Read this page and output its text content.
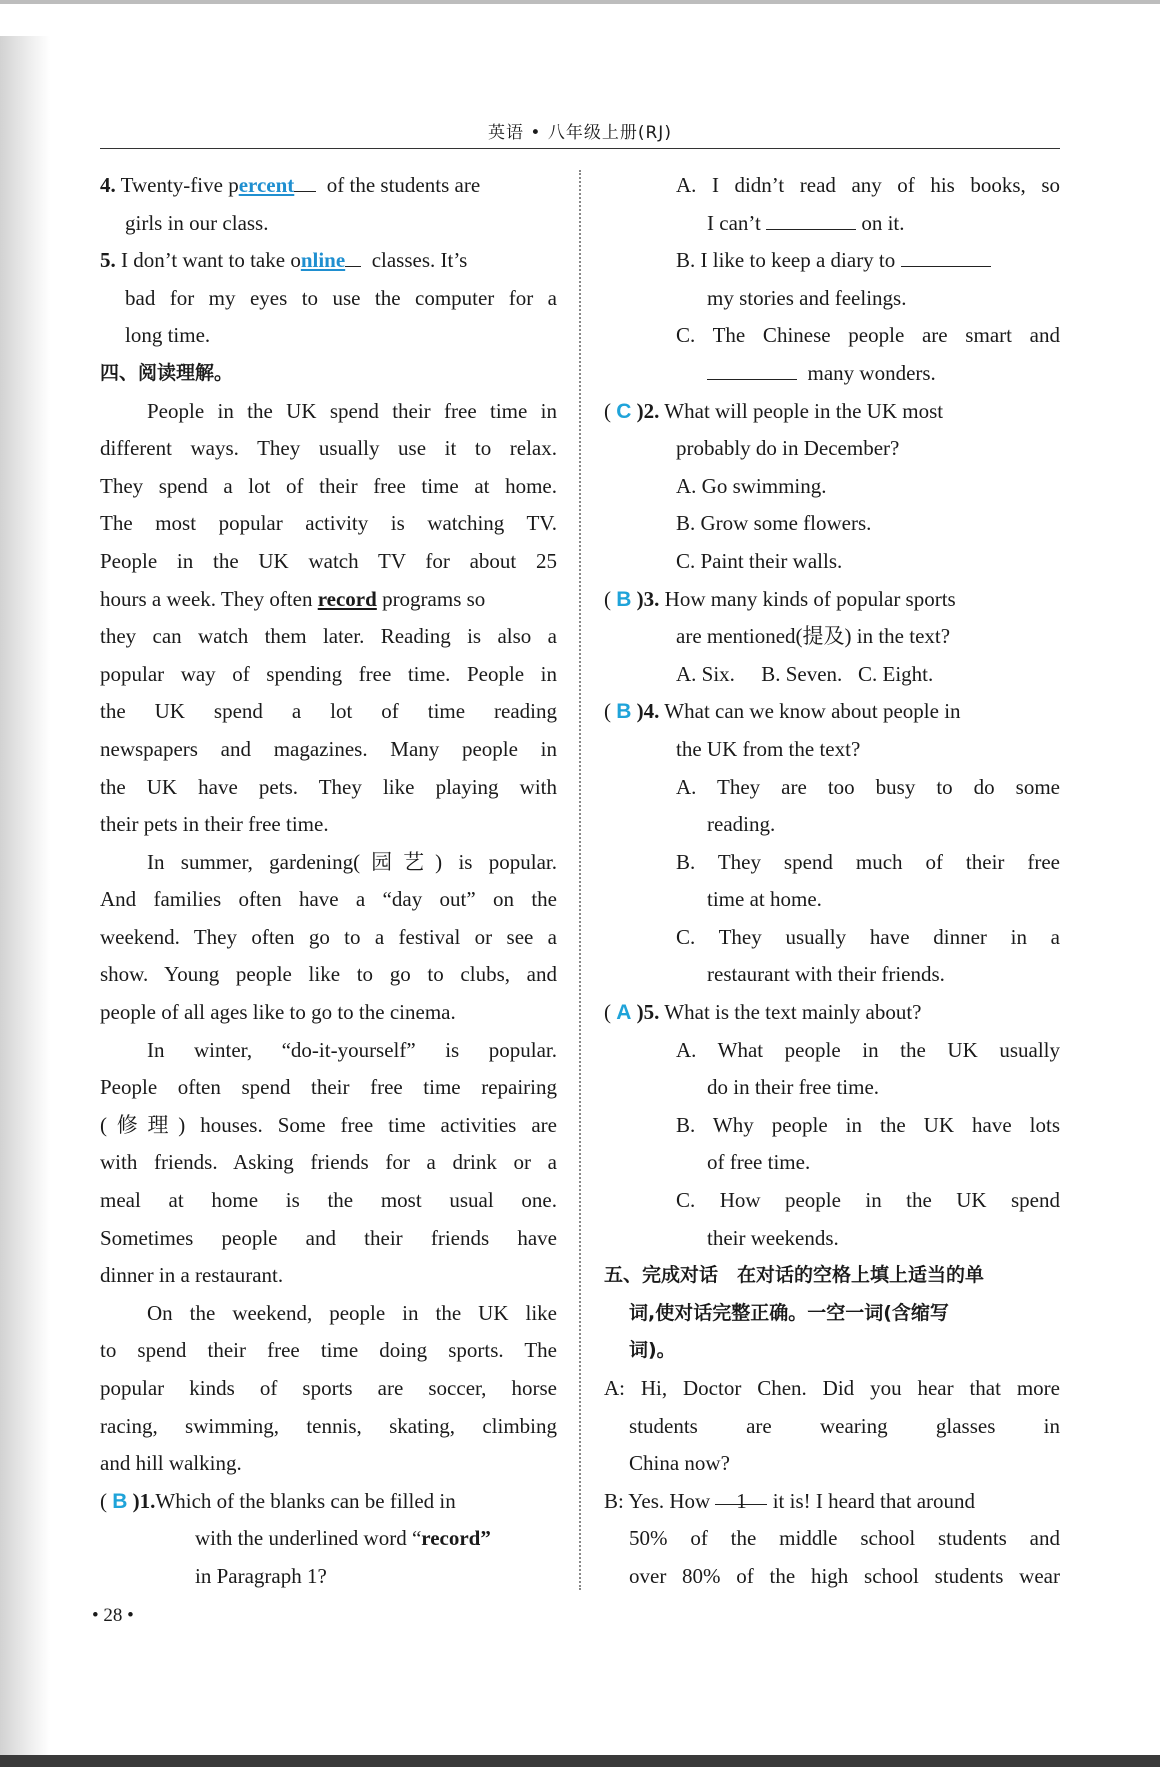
英语 • 八年级上册(RJ)
4. Twenty-five percent of the students are
girls in our class.
5. I don’t want to take online classes. It’s
bad for my eyes to use the computer for a
long time.
四、阅读理解。
People in the UK spend their free time in
different ways. They usually use it to relax.
They spend a lot of their free time at home.
The most popular activity is watching TV.
People in the UK watch TV for about 25
hours a week. They often record programs so
they can watch them later. Reading is also a
popular way of spending free time. People in
the UK spend a lot of time reading
newspapers and magazines. Many people in
the UK have pets. They like playing with
their pets in their free time.
In summer, gardening(园艺) is popular.
And families often have a “day out” on the
weekend. They often go to a festival or see a
show. Young people like to go to clubs, and
people of all ages like to go to the cinema.
In winter, “do-it-yourself” is popular.
People often spend their free time repairing
(修理) houses. Some free time activities are
with friends. Asking friends for a drink or a
meal at home is the most usual one.
Sometimes people and their friends have
dinner in a restaurant.
On the weekend, people in the UK like
to spend their free time doing sports. The
popular kinds of sports are soccer, horse
racing, swimming, tennis, skating, climbing
and hill walking.
( B )1.Which of the blanks can be filled in
with the underlined word “record”
in Paragraph 1?
A. I didn’t read any of his books, so
I can’t	on it.
B. I like to keep a diary to
my stories and feelings.
C. The Chinese people are smart and
many wonders.
( C )2. What will people in the UK most
probably do in December?
A. Go swimming.
B. Grow some flowers.
C. Paint their walls.
( B )3. How many kinds of popular sports
are mentioned(提及) in the text?
A. Six. B. Seven. C. Eight.
( B )4. What can we know about people in
the UK from the text?
A. They are too busy to do some
reading.
B. They spend much of their free
time at home.
C. They usually have dinner in a
restaurant with their friends.
( A )5. What is the text mainly about?
A. What people in the UK usually
do in their free time.
B. Why people in the UK have lots
of free time.
C. How people in the UK spend
their weekends.
五、完成对话　在对话的空格上填上适当的单
词,使对话完整正确。一空一词(含缩写
词)。
A: Hi, Doctor Chen. Did you hear that more
students are wearing glasses in
China now?
B: Yes. How 1 it is! I heard that around
50% of the middle school students and
over 80% of the high school students wear
• 28 •
